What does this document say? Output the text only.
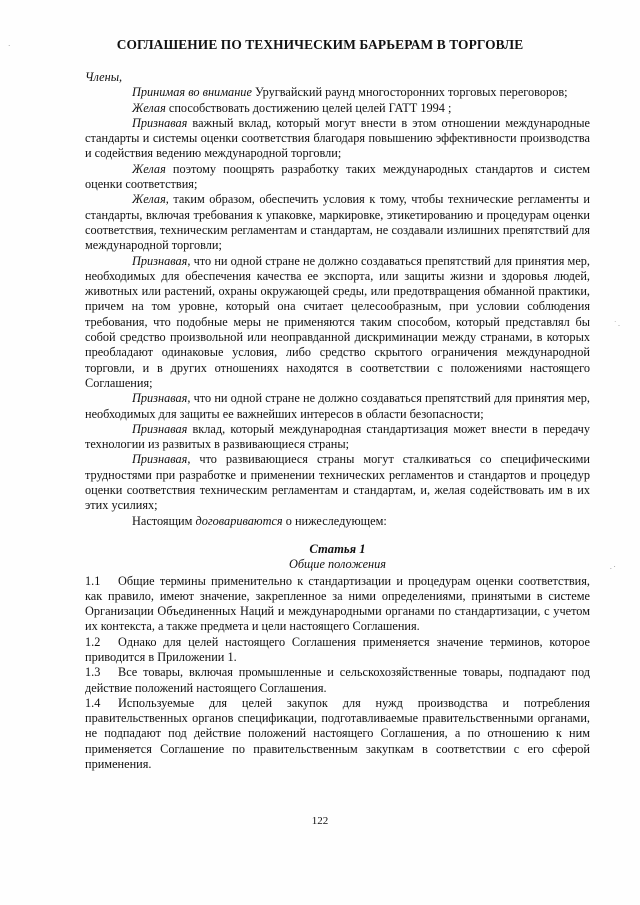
СОГЛАШЕНИЕ ПО ТЕХНИЧЕСКИМ БАРЬЕРАМ В ТОРГОВЛЕ

Члены,

Принимая во внимание Уругвайский раунд многосторонних торговых переговоров;

Желая способствовать достижению целей целей ГАТТ 1994 ;

Признавая важный вклад, который могут внести в этом отношении международные стандарты и системы оценки соответствия благодаря повышению эффективности производства и содействия ведению международной торговли;

Желая поэтому поощрять разработку таких международных стандартов и систем оценки соответствия;

Желая, таким образом, обеспечить условия к тому, чтобы технические регламенты и стандарты, включая требования к упаковке, маркировке, этикетированию и процедурам оценки соответствия, техническим регламентам и стандартам, не создавали излишних препятствий для международной торговли;

Признавая, что ни одной стране не должно создаваться препятствий для принятия мер, необходимых для обеспечения качества ее экспорта, или защиты жизни и здоровья людей, животных или растений, охраны окружающей среды, или предотвращения обманной практики, причем на том уровне, который она считает целесообразным, при условии соблюдения требования, что подобные меры не применяются таким способом, который представлял бы собой средство произвольной или неоправданной дискриминации между странами, в которых преобладают одинаковые условия, либо средство скрытого ограничения международной торговли, и в других отношениях находятся в соответствии с положениями настоящего Соглашения;

Признавая, что ни одной стране не должно создаваться препятствий для принятия мер, необходимых для защиты ее важнейших интересов в области безопасности;

Признавая вклад, который международная стандартизация может внести в передачу технологии из развитых в развивающиеся страны;

Признавая, что развивающиеся страны могут сталкиваться со специфическими трудностями при разработке и применении технических регламентов и стандартов и процедур оценки соответствия техническим регламентам и стандартам, и, желая содействовать им в их этих усилиях;

Настоящим договариваются о нижеследующем:

Статья 1

Общие положения

1.1 Общие термины применительно к стандартизации и процедурам оценки соответствия, как правило, имеют значение, закрепленное за ними определениями, принятыми в системе Организации Объединенных Наций и международными органами по стандартизации, с учетом их контекста, а также предмета и цели настоящего Соглашения.

1.2 Однако для целей настоящего Соглашения применяется значение терминов, которое приводится в Приложении 1.

1.3 Все товары, включая промышленные и сельскохозяйственные товары, подпадают под действие положений настоящего Соглашения.

1.4 Используемые для целей закупок для нужд производства и потребления правительственных органов спецификации, подготавливаемые правительственными органами, не подпадают под действие положений настоящего Соглашения, а по отношению к ним применяется Соглашение по правительственным закупкам в соответствии с его сферой применения.

122
·
˙ .
. ·
